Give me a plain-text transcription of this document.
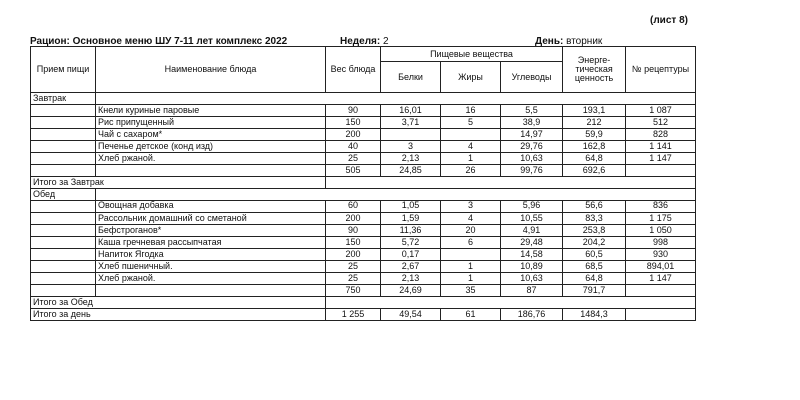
(лист 8)
Рацион: Основное меню ШУ 7-11 лет комплекс 2022	Неделя: 2	День: вторник
Прием пищи	Наименование блюда	Вес блюда	Пищевые вещества			Энерге-тическая ценность	№ рецептуры
			Белки	Жиры	Углеводы		
Завтрак							
	Кнели куриные паровые	90	16,01	16	5,5	193,1	1 087
	Рис припущенный	150	3,71	5	38,9	212	512
	Чай с сахаром*	200			14,97	59,9	828
	Печенье детское (конд изд)	40	3	4	29,76	162,8	1 141
	Хлеб ржаной.	25	2,13	1	10,63	64,8	1 147
		505	24,85	26	99,76	692,6	
Итого за Завтрак							
Обед							
	Овощная добавка	60	1,05	3	5,96	56,6	836
	Рассольник домашний со сметаной	200	1,59	4	10,55	83,3	1 175
	Бефстроганов*	90	11,36	20	4,91	253,8	1 050
	Каша гречневая рассыпчатая	150	5,72	6	29,48	204,2	998
	Напиток Ягодка	200	0,17		14,58	60,5	930
	Хлеб пшеничный.	25	2,67	1	10,89	68,5	894,01
	Хлеб ржаной.	25	2,13	1	10,63	64,8	1 147
		750	24,69	35	87	791,7	
Итого за Обед							
Итого за день		1 255	49,54	61	186,76	1484,3	
